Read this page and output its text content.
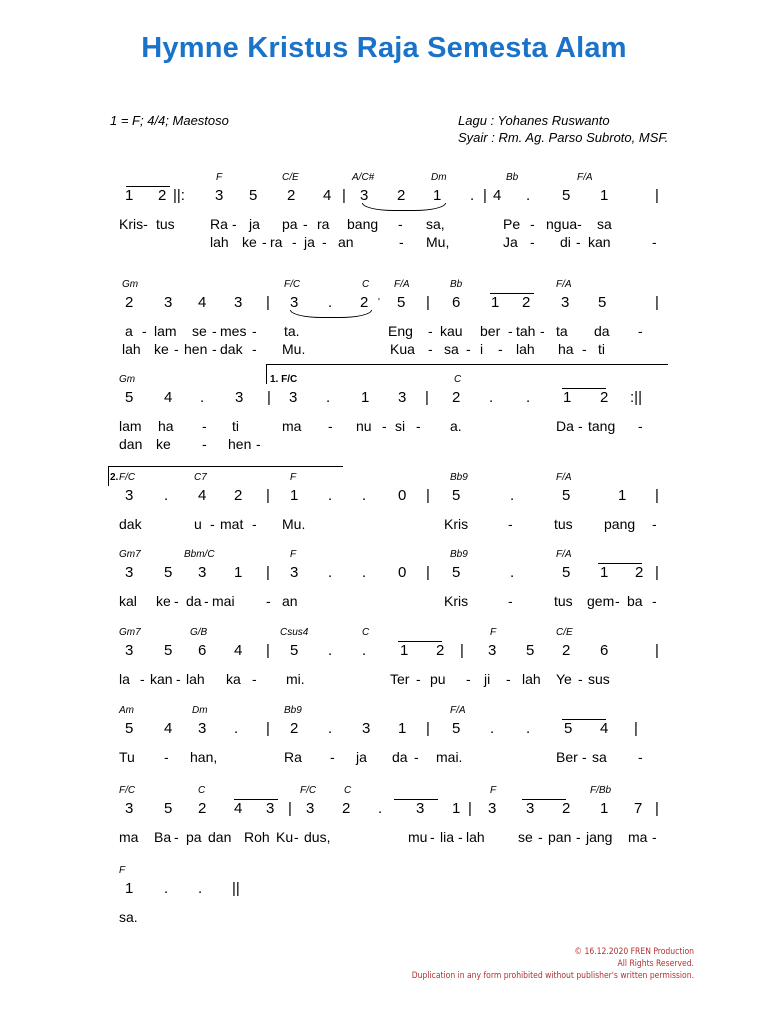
Hymne Kristus Raja Semesta Alam
1 = F; 4/4; Maestoso	Lagu : Yohanes Ruswanto
Syair : Rm. Ag. Parso Subroto, MSF.
F	C/E	A/C#	Dm	Bb	F/A
1 2 ||: 3 5 2 4 | 3 2 1 . | 4 . 5 1	|
Kris- tus	Ra - ja pa - ra bang - sa,	Pe - ngua- sa
lah ke - ra - ja - an	- Mu,	Ja - di - kan	-
Gm	F/C	C F/A	Bb	F/A
2 3 4 3 | 3 . 2 ' 5 | 6 1 2 3 5	|
a - lam se - mes - ta.	Eng - kau ber - tah - ta da -
lah ke - hen - dak - Mu.	Kua - sa - i - lah ha - ti
Gm	1. F/C	C
5 4 . 3 | 3 . 1 3 | 2 . . 1 2 :||
lam ha - ti	ma - nu - si - a.	Da - tang -
dan ke - hen -
2. F/C	C7	F	Bb9	F/A
3 . 4 2 | 1 . . 0 | 5	.	5	1 |
dak	u - mat - Mu.	Kris	-	tus pang -
Gm7	Bbm/C	F	Bb9	F/A
3 5 3 1 | 3 . . 0 | 5	.	5 1 2 |
kal ke - da - mai - an	Kris	-	tus gem - ba -
Gm7	G/B	Csus4	C	F	C/E
3 5 6 4 | 5 . . 1 2 | 3 5 2 6	|
la - kan - lah ka - mi.	Ter - pu - ji - lah Ye - sus
Am	Dm	Bb9	F/A
5 4 3 . | 2 . 3 1 | 5 . . 5 4 |
Tu - han,	Ra - ja da - mai.	Ber - sa -
F/C	C	F/C	C	F	F/Bb
3 5 2 4 3 | 3 2 . 3 1 | 3 3 2 1 7 |
ma Ba - pa dan Roh Ku - dus,	mu - lia - lah se - pan - jang ma -
F
1 . . ||
sa.
© 16.12.2020 FREN Production
All Rights Reserved.
Duplication in any form prohibited without publisher's written permission.
